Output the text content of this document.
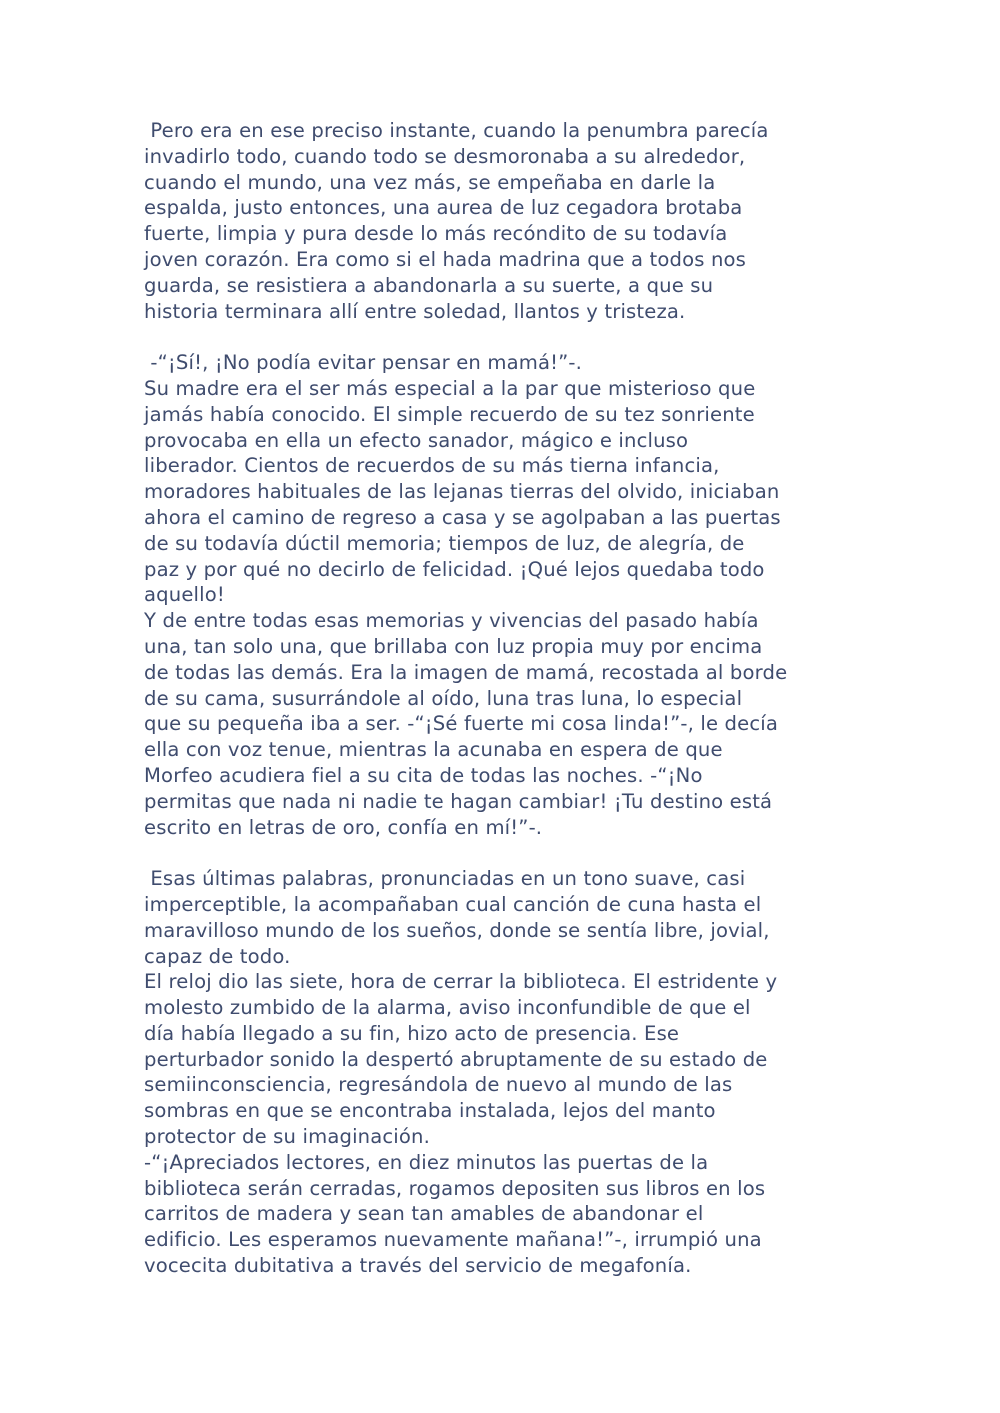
Pero era en ese preciso instante, cuando la penumbra parecía
invadirlo todo, cuando todo se desmoronaba a su alrededor,
cuando el mundo, una vez más, se empeñaba en darle la
espalda, justo entonces, una aurea de luz cegadora brotaba
fuerte, limpia y pura desde lo más recóndito de su todavía
joven corazón. Era como si el hada madrina que a todos nos
guarda, se resistiera a abandonarla a su suerte, a que su
historia terminara allí entre soledad, llantos y tristeza.
-“¡Sí!, ¡No podía evitar pensar en mamá!”-.
Su madre era el ser más especial a la par que misterioso que
jamás había conocido. El simple recuerdo de su tez sonriente
provocaba en ella un efecto sanador, mágico e incluso
liberador. Cientos de recuerdos de su más tierna infancia,
moradores habituales de las lejanas tierras del olvido, iniciaban
ahora el camino de regreso a casa y se agolpaban a las puertas
de su todavía dúctil memoria; tiempos de luz, de alegría, de
paz y por qué no decirlo de felicidad. ¡Qué lejos quedaba todo
aquello!
Y de entre todas esas memorias y vivencias del pasado había
una, tan solo una, que brillaba con luz propia muy por encima
de todas las demás. Era la imagen de mamá, recostada al borde
de su cama, susurrándole al oído, luna tras luna, lo especial
que su pequeña iba a ser. -“¡Sé fuerte mi cosa linda!”-, le decía
ella con voz tenue, mientras la acunaba en espera de que
Morfeo acudiera fiel a su cita de todas las noches. -“¡No
permitas que nada ni nadie te hagan cambiar! ¡Tu destino está
escrito en letras de oro, confía en mí!”-.
Esas últimas palabras, pronunciadas en un tono suave, casi
imperceptible, la acompañaban cual canción de cuna hasta el
maravilloso mundo de los sueños, donde se sentía libre, jovial,
capaz de todo.
El reloj dio las siete, hora de cerrar la biblioteca. El estridente y
molesto zumbido de la alarma, aviso inconfundible de que el
día había llegado a su fin, hizo acto de presencia. Ese
perturbador sonido la despertó abruptamente de su estado de
semiinconsciencia, regresándola de nuevo al mundo de las
sombras en que se encontraba instalada, lejos del manto
protector de su imaginación.
-“¡Apreciados lectores, en diez minutos las puertas de la
biblioteca serán cerradas, rogamos depositen sus libros en los
carritos de madera y sean tan amables de abandonar el
edificio. Les esperamos nuevamente mañana!”-, irrumpió una
vocecita dubitativa a través del servicio de megafonía.
